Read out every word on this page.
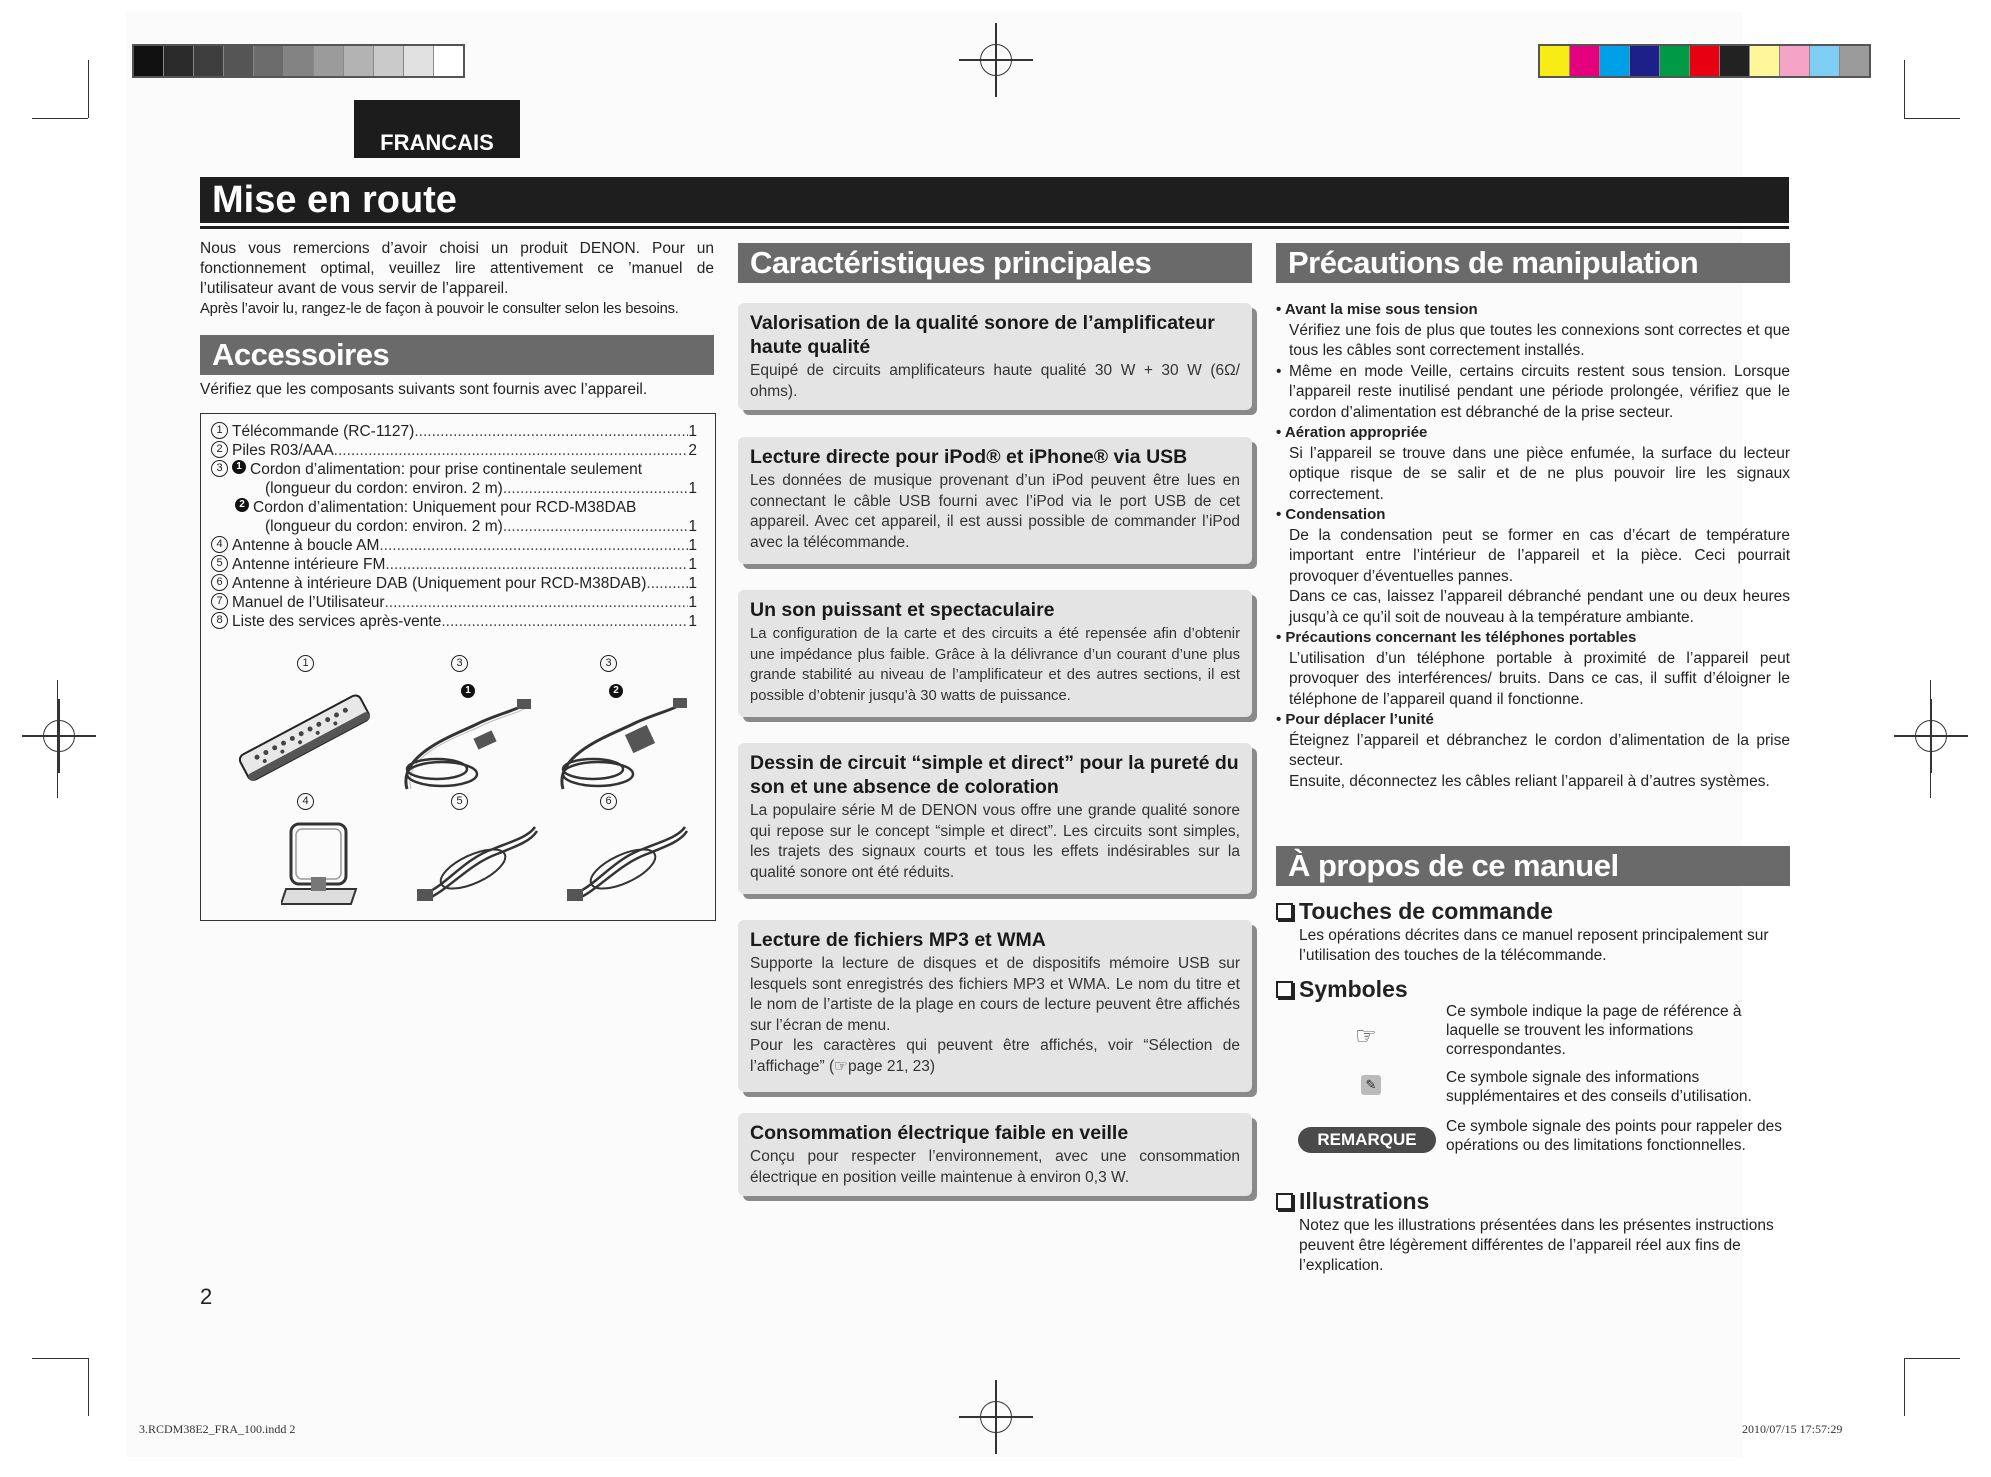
FRANCAIS
Mise en route
Nous vous remercions d’avoir choisi un produit DENON. Pour un fonctionnement optimal, veuillez lire attentivement ce ’manuel de l’utilisateur avant de vous servir de l’appareil.
Après l’avoir lu, rangez-le de façon à pouvoir le consulter selon les besoins.
Accessoires
Vérifiez que les composants suivants sont fournis avec l’appareil.
1 Télécommande (RC-1127) .....	1
2 Piles R03/AAA .....	2
3	1 Cordon d’alimentation: pour prise continentale seulement
(longueur du cordon: environ. 2 m) .....	1
2 Cordon d’alimentation: Uniquement pour RCD-M38DAB
(longueur du cordon: environ. 2 m) .....	1
4 Antenne à boucle AM .....	1
5 Antenne intérieure FM .....	1
6 Antenne à intérieure DAB (Uniquement pour RCD-M38DAB) .....	1
7 Manuel de l’Utilisateur .....	1
8 Liste des services après-vente .....	1
1	3	3
1	2
4	5	6
Caractéristiques principales
Valorisation de la qualité sonore de l’amplificateur haute qualité

Equipé de circuits amplificateurs haute qualité 30 W + 30 W (6Ω/ ohms).

Lecture directe pour iPod® et iPhone® via USB

Les données de musique provenant d’un iPod peuvent être lues en connectant le câble USB fourni avec l’iPod via le port USB de cet appareil. Avec cet appareil, il est aussi possible de commander l’iPod avec la télécommande.

Un son puissant et spectaculaire

La configuration de la carte et des circuits a été repensée afin d’obtenir une impédance plus faible. Grâce à la délivrance d’un courant d’une plus grande stabilité au niveau de l’amplificateur et des autres sections, il est possible d’obtenir jusqu’à 30 watts de puissance.

Dessin de circuit “simple et direct” pour la pureté du son et une absence de coloration

La populaire série M de DENON vous offre une grande qualité sonore qui repose sur le concept “simple et direct”. Les circuits sont simples, les trajets des signaux courts et tous les effets indésirables sur la qualité sonore ont été réduits.

Lecture de fichiers MP3 et WMA

Supporte la lecture de disques et de dispositifs mémoire USB sur lesquels sont enregistrés des fichiers MP3 et WMA. Le nom du titre et le nom de l’artiste de la plage en cours de lecture peuvent être affichés sur l’écran de menu.

Pour les caractères qui peuvent être affichés, voir “Sélection de l’affichage” (☞page 21, 23)

Consommation électrique faible en veille

Conçu pour respecter l’environnement, avec une consommation électrique en position veille maintenue à environ 0,3 W.

Précautions de manipulation
• Avant la mise sous tension
Vérifiez une fois de plus que toutes les connexions sont correctes et que tous les câbles sont correctement installés.
• Même en mode Veille, certains circuits restent sous tension. Lorsque l’appareil reste inutilisé pendant une période prolongée, vérifiez que le cordon d’alimentation est débranché de la prise secteur.
• Aération appropriée
Si l’appareil se trouve dans une pièce enfumée, la surface du lecteur optique risque de se salir et de ne plus pouvoir lire les signaux correctement.
• Condensation
De la condensation peut se former en cas d’écart de température important entre l’intérieur de l’appareil et la pièce. Ceci pourrait provoquer d’éventuelles pannes.
Dans ce cas, laissez l’appareil débranché pendant une ou deux heures jusqu’à ce qu’il soit de nouveau à la température ambiante.
• Précautions concernant les téléphones portables
L’utilisation d’un téléphone portable à proximité de l’appareil peut provoquer des interférences/ bruits. Dans ce cas, il suffit d’éloigner le téléphone de l’appareil quand il fonctionne.
• Pour déplacer l’unité
Éteignez l’appareil et débranchez le cordon d’alimentation de la prise secteur.
Ensuite, déconnectez les câbles reliant l’appareil à d’autres systèmes.
À propos de ce manuel
Touches de commande
Les opérations décrites dans ce manuel reposent principalement sur l’utilisation des touches de la télécommande.
Symboles
☞
Ce symbole indique la page de référence à laquelle se trouvent les informations correspondantes.
✎	Ce symbole signale des informations supplémentaires et des conseils d’utilisation.
REMARQUE
Ce symbole signale des points pour rappeler des opérations ou des limitations fonctionnelles.
Illustrations
Notez que les illustrations présentées dans les présentes instructions peuvent être légèrement différentes de l’appareil réel aux fins de l’explication.
2
3.RCDM38E2_FRA_100.indd 2	2010/07/15 17:57:29
